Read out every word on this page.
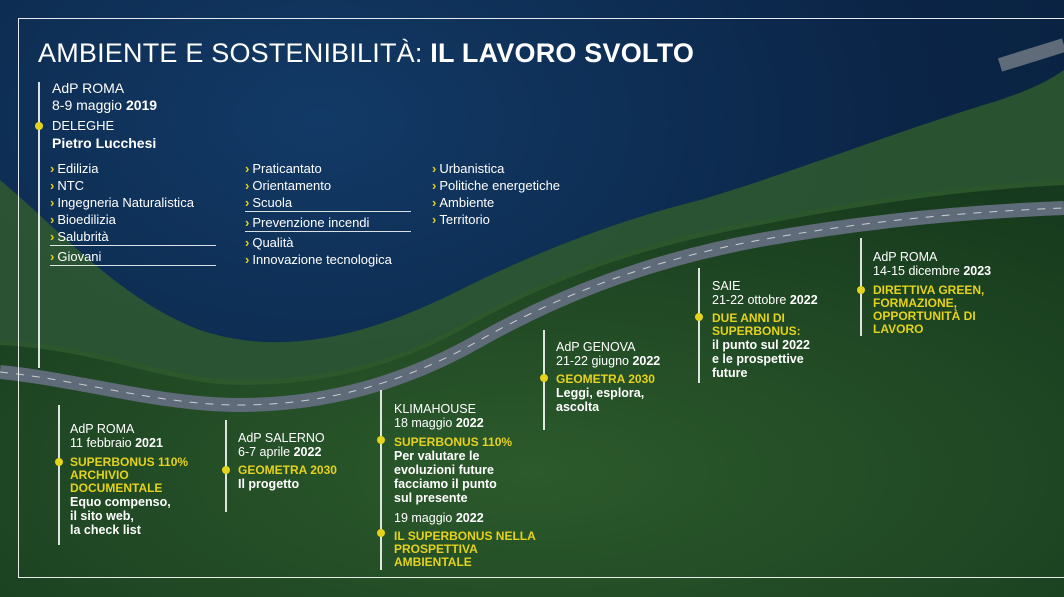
AMBIENTE E SOSTENIBILITÀ: IL LAVORO SVOLTO
AdP ROMA
8-9 maggio 2019
DELEGHE
Pietro Lucchesi
› Edilizia
› NTC
› Ingegneria Naturalistica
› Bioedilizia
› Salubrità
› Giovani
› Praticantato
› Orientamento
› Scuola
› Prevenzione incendi
› Qualità
› Innovazione tecnologica
› Urbanistica
› Politiche energetiche
› Ambiente
› Territorio
AdP ROMA
11 febbraio 2021
SUPERBONUS 110% ARCHIVIO DOCUMENTALE
Equo compenso,
il sito web,
la check list
AdP SALERNO
6-7 aprile 2022
GEOMETRA 2030
Il progetto
KLIMAHOUSE
18 maggio 2022
SUPERBONUS 110%
Per valutare le
evoluzioni future
facciamo il punto
sul presente
19 maggio 2022
IL SUPERBONUS NELLA PROSPETTIVA AMBIENTALE
AdP GENOVA
21-22 giugno 2022
GEOMETRA 2030
Leggi, esplora,
ascolta
SAIE
21-22 ottobre 2022
DUE ANNI DI SUPERBONUS:
il punto sul 2022
e le prospettive
future
AdP ROMA
14-15 dicembre 2023
DIRETTIVA GREEN, FORMAZIONE, OPPORTUNITÀ DI LAVORO
